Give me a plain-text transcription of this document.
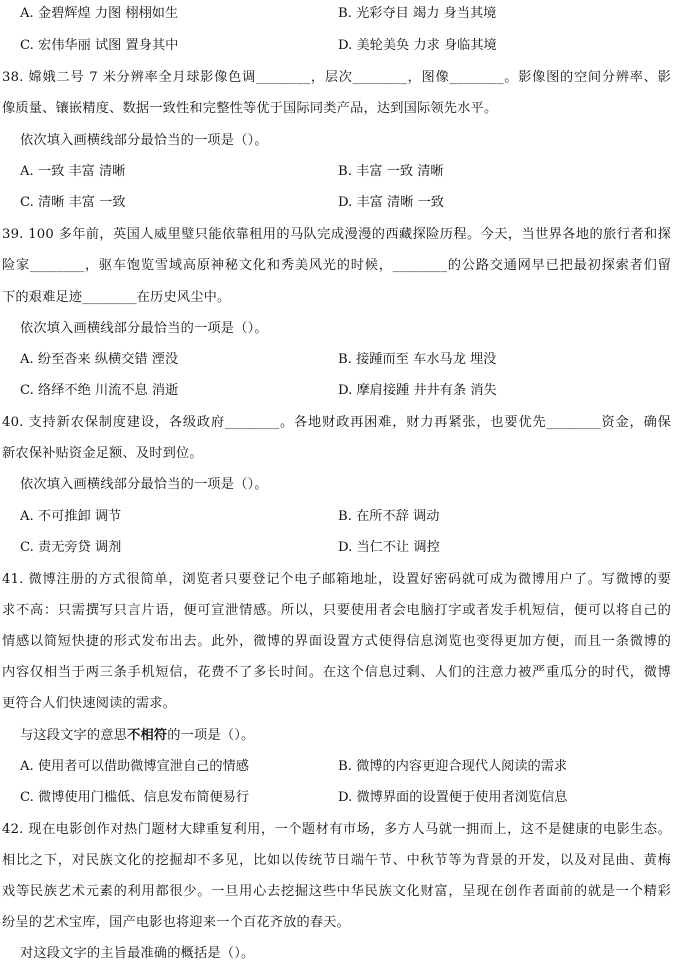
A. 金碧辉煌 力图 栩栩如生	B. 光彩夺目 竭力 身当其境
C. 宏伟华丽 试图 置身其中	D. 美轮美奂 力求 身临其境
38. 嫦娥二号 7 米分辨率全月球影像色调________，层次________，图像________。影像图的空间分辨率、影
像质量、镶嵌精度、数据一致性和完整性等优于国际同类产品，达到国际领先水平。
依次填入画横线部分最恰当的一项是（）。
A. 一致 丰富 清晰	B. 丰富 一致 清晰
C. 清晰 丰富 一致	D. 丰富 清晰 一致
39. 100 多年前，英国人威里璧只能依靠租用的马队完成漫漫的西藏探险历程。今天，当世界各地的旅行者和探
险家________，驱车饱览雪域高原神秘文化和秀美风光的时候，________的公路交通网早已把最初探索者们留
下的艰难足迹________在历史风尘中。
依次填入画横线部分最恰当的一项是（）。
A. 纷至沓来 纵横交错 湮没	B. 接踵而至 车水马龙 埋没
C. 络绎不绝 川流不息 消逝	D. 摩肩接踵 井井有条 消失
40. 支持新农保制度建设，各级政府________。各地财政再困难，财力再紧张，也要优先________资金，确保
新农保补贴资金足额、及时到位。
依次填入画横线部分最恰当的一项是（）。
A. 不可推卸 调节	B. 在所不辞 调动
C. 责无旁贷 调剂	D. 当仁不让 调控
41. 微博注册的方式很简单，浏览者只要登记个电子邮箱地址，设置好密码就可成为微博用户了。写微博的要
求不高：只需撰写只言片语，便可宣泄情感。所以，只要使用者会电脑打字或者发手机短信，便可以将自己的
情感以简短快捷的形式发布出去。此外，微博的界面设置方式使得信息浏览也变得更加方便，而且一条微博的
内容仅相当于两三条手机短信，花费不了多长时间。在这个信息过剩、人们的注意力被严重瓜分的时代，微博
更符合人们快速阅读的需求。
与这段文字的意思不相符的一项是（）。
A. 使用者可以借助微博宣泄自己的情感	B. 微博的内容更迎合现代人阅读的需求
C. 微博使用门槛低、信息发布简便易行	D. 微博界面的设置便于使用者浏览信息
42. 现在电影创作对热门题材大肆重复利用，一个题材有市场，多方人马就一拥而上，这不是健康的电影生态。
相比之下，对民族文化的挖掘却不多见，比如以传统节日端午节、中秋节等为背景的开发，以及对昆曲、黄梅
戏等民族艺术元素的利用都很少。一旦用心去挖掘这些中华民族文化财富，呈现在创作者面前的就是一个精彩
纷呈的艺术宝库，国产电影也将迎来一个百花齐放的春天。
对这段文字的主旨最准确的概括是（）。
